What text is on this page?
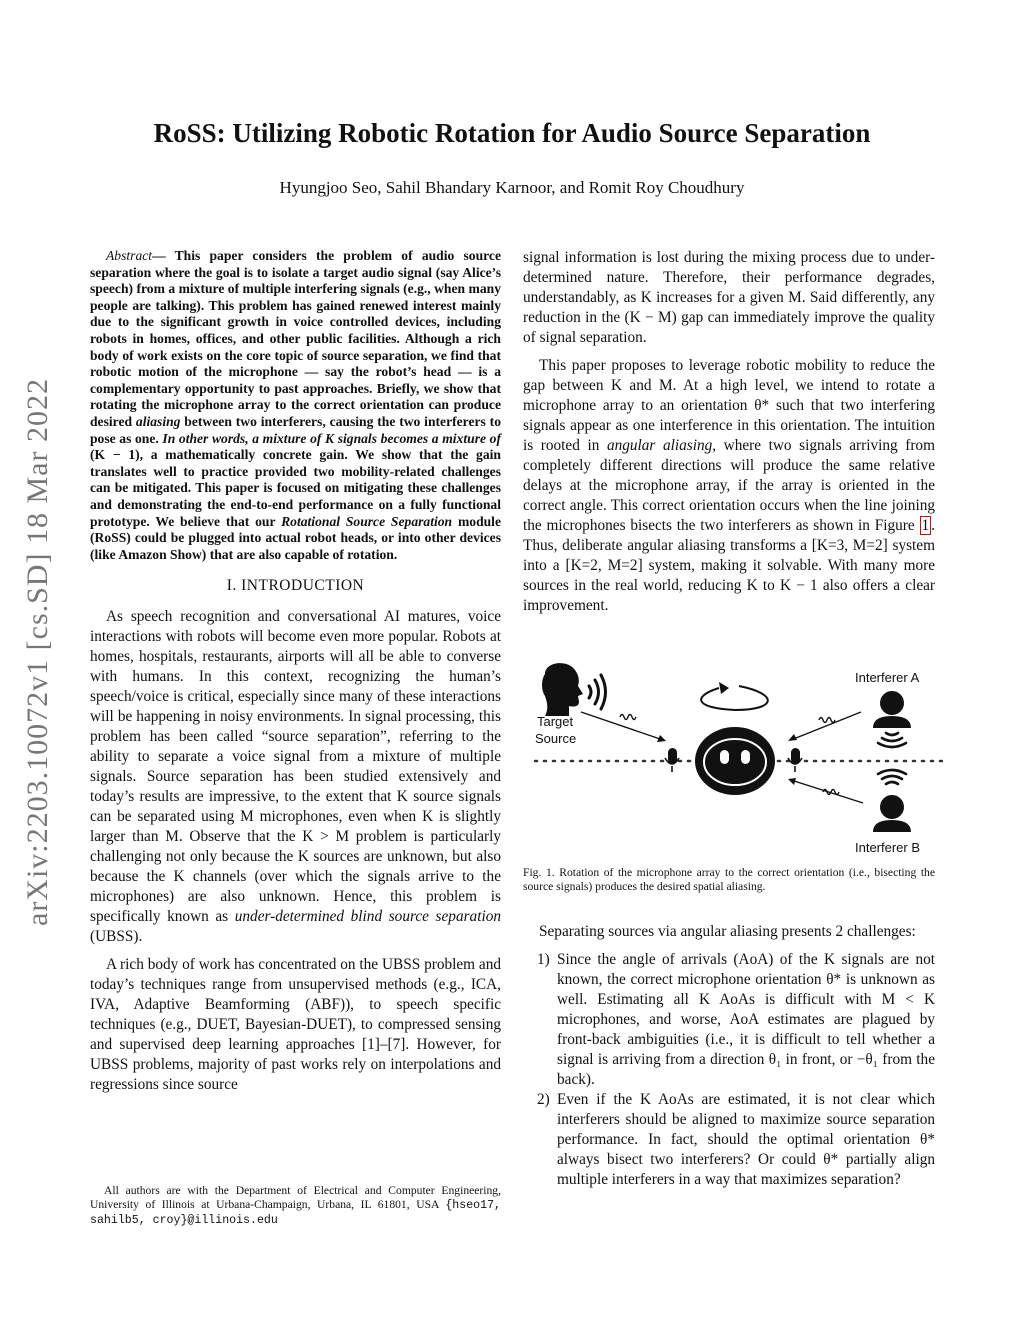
arXiv:2203.10072v1 [cs.SD] 18 Mar 2022
RoSS: Utilizing Robotic Rotation for Audio Source Separation
Hyungjoo Seo, Sahil Bhandary Karnoor, and Romit Roy Choudhury

Abstract— This paper considers the problem of audio source separation where the goal is to isolate a target audio signal (say Alice’s speech) from a mixture of multiple interfering signals (e.g., when many people are talking). This problem has gained renewed interest mainly due to the significant growth in voice controlled devices, including robots in homes, offices, and other public facilities. Although a rich body of work exists on the core topic of source separation, we find that robotic motion of the microphone — say the robot’s head — is a complementary opportunity to past approaches. Briefly, we show that rotating the microphone array to the correct orientation can produce desired aliasing between two interferers, causing the two interferers to pose as one. In other words, a mixture of K signals becomes a mixture of (K − 1), a mathematically concrete gain. We show that the gain translates well to practice provided two mobility-related challenges can be mitigated. This paper is focused on mitigating these challenges and demonstrating the end-to-end performance on a fully functional prototype. We believe that our Rotational Source Separation module (RoSS) could be plugged into actual robot heads, or into other devices (like Amazon Show) that are also capable of rotation.

I. INTRODUCTION

As speech recognition and conversational AI matures, voice interactions with robots will become even more popular. Robots at homes, hospitals, restaurants, airports will all be able to converse with humans. In this context, recognizing the human’s speech/voice is critical, especially since many of these interactions will be happening in noisy environments. In signal processing, this problem has been called “source separation”, referring to the ability to separate a voice signal from a mixture of multiple signals. Source separation has been studied extensively and today’s results are impressive, to the extent that K source signals can be separated using M microphones, even when K is slightly larger than M. Observe that the K > M problem is particularly challenging not only because the K sources are unknown, but also because the K channels (over which the signals arrive to the microphones) are also unknown. Hence, this problem is specifically known as under-determined blind source separation (UBSS).

A rich body of work has concentrated on the UBSS problem and today’s techniques range from unsupervised methods (e.g., ICA, IVA, Adaptive Beamforming (ABF)), to speech specific techniques (e.g., DUET, Bayesian-DUET), to compressed sensing and supervised deep learning approaches [1]–[7]. However, for UBSS problems, majority of past works rely on interpolations and regressions since source

All authors are with the Department of Electrical and Computer Engineering, University of Illinois at Urbana-Champaign, Urbana, IL 61801, USA {hseo17, sahilb5, croy}@illinois.edu

signal information is lost during the mixing process due to under-determined nature. Therefore, their performance degrades, understandably, as K increases for a given M. Said differently, any reduction in the (K − M) gap can immediately improve the quality of signal separation.

This paper proposes to leverage robotic mobility to reduce the gap between K and M. At a high level, we intend to rotate a microphone array to an orientation θ* such that two interfering signals appear as one interference in this orientation. The intuition is rooted in angular aliasing, where two signals arriving from completely different directions will produce the same relative delays at the microphone array, if the array is oriented in the correct angle. This correct orientation occurs when the line joining the microphones bisects the two interferers as shown in Figure 1 . Thus, deliberate angular aliasing transforms a [K=3, M=2] system into a [K=2, M=2] system, making it solvable. With many more sources in the real world, reducing K to K − 1 also offers a clear improvement.

Target
Source
Interferer A
Interferer B
Fig. 1. Rotation of the microphone array to the correct orientation (i.e., bisecting the source signals) produces the desired spatial aliasing.

Separating sources via angular aliasing presents 2 challenges:

1) Since the angle of arrivals (AoA) of the K signals are not known, the correct microphone orientation θ* is unknown as well. Estimating all K AoAs is difficult with M < K microphones, and worse, AoA estimates are plagued by front-back ambiguities (i.e., it is difficult to tell whether a signal is arriving from a direction θ₁ in front, or −θ₁ from the back).
2) Even if the K AoAs are estimated, it is not clear which interferers should be aligned to maximize source separation performance. In fact, should the optimal orientation θ* always bisect two interferers? Or could θ* partially align multiple interferers in a way that maximizes separation?
